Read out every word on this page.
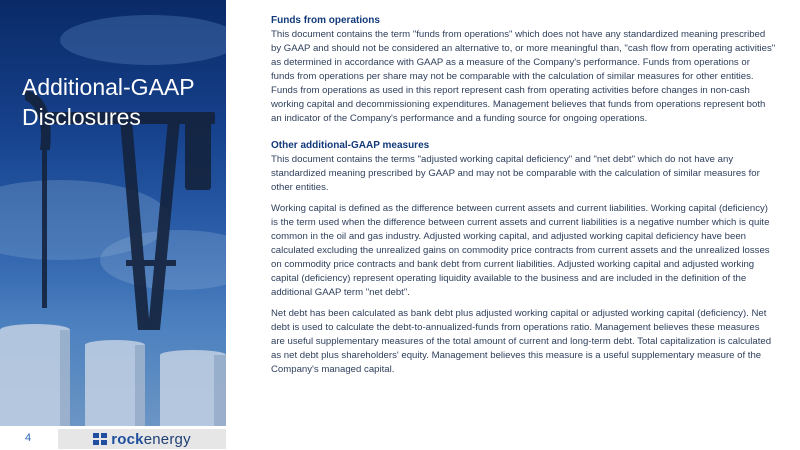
Additional-GAAP
Disclosures
4	rockenergy
Funds from operations

This document contains the term "funds from operations" which does not have any standardized meaning prescribed by GAAP and should not be considered an alternative to, or more meaningful than, "cash flow from operating activities" as determined in accordance with GAAP as a measure of the Company's performance. Funds from operations or funds from operations per share may not be comparable with the calculation of similar measures for other entities. Funds from operations as used in this report represent cash from operating activities before changes in non-cash working capital and decommissioning expenditures. Management believes that funds from operations represent both an indicator of the Company's performance and a funding source for ongoing operations.

Other additional-GAAP measures

This document contains the terms "adjusted working capital deficiency" and "net debt" which do not have any standardized meaning prescribed by GAAP and may not be comparable with the calculation of similar measures for other entities.

Working capital is defined as the difference between current assets and current liabilities. Working capital (deficiency) is the term used when the difference between current assets and current liabilities is a negative number which is quite common in the oil and gas industry. Adjusted working capital, and adjusted working capital deficiency have been calculated excluding the unrealized gains on commodity price contracts from current assets and the unrealized losses on commodity price contracts and bank debt from current liabilities. Adjusted working capital and adjusted working capital (deficiency) represent operating liquidity available to the business and are included in the definition of the additional GAAP term "net debt".

Net debt has been calculated as bank debt plus adjusted working capital or adjusted working capital (deficiency). Net debt is used to calculate the debt-to-annualized-funds from operations ratio. Management believes these measures are useful supplementary measures of the total amount of current and long-term debt. Total capitalization is calculated as net debt plus shareholders' equity. Management believes this measure is a useful supplementary measure of the Company's managed capital.
